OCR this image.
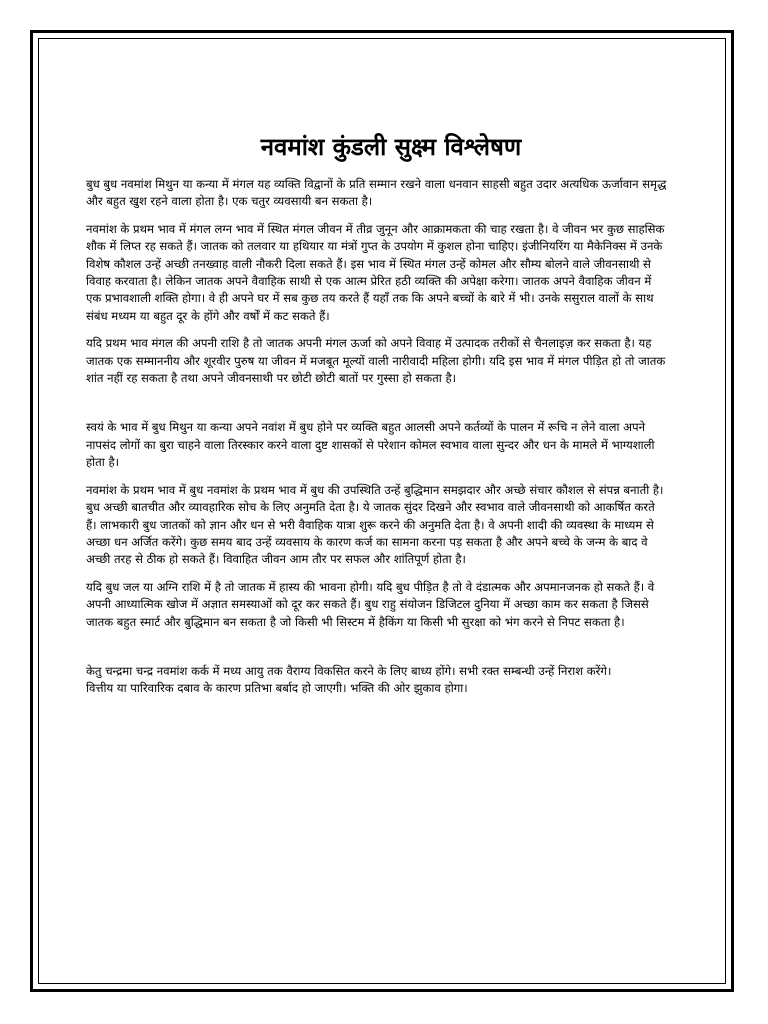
नवमांश कुंडली सुक्ष्म विश्लेषण

बुध बुध नवमांश मिथुन या कन्या में मंगल यह व्यक्ति विद्वानों के प्रति सम्मान रखने वाला धनवान साहसी बहुत उदार अत्यधिक ऊर्जावान समृद्ध और बहुत खुश रहने वाला होता है। एक चतुर व्यवसायी बन सकता है।

नवमांश के प्रथम भाव में मंगल लग्न भाव में स्थित मंगल जीवन में तीव्र जुनून और आक्रामकता की चाह रखता है। वे जीवन भर कुछ साहसिक शौक में लिप्त रह सकते हैं। जातक को तलवार या हथियार या मंत्रों गुप्त के उपयोग में कुशल होना चाहिए। इंजीनियरिंग या मैकेनिक्स में उनके विशेष कौशल उन्हें अच्छी तनख्वाह वाली नौकरी दिला सकते हैं। इस भाव में स्थित मंगल उन्हें कोमल और सौम्य बोलने वाले जीवनसाथी से विवाह करवाता है। लेकिन जातक अपने वैवाहिक साथी से एक आत्म प्रेरित हठी व्यक्ति की अपेक्षा करेगा। जातक अपने वैवाहिक जीवन में एक प्रभावशाली शक्ति होगा। वे ही अपने घर में सब कुछ तय करते हैं यहाँ तक कि अपने बच्चों के बारे में भी। उनके ससुराल वालों के साथ संबंध मध्यम या बहुत दूर के होंगे और वर्षों में कट सकते हैं।

यदि प्रथम भाव मंगल की अपनी राशि है तो जातक अपनी मंगल ऊर्जा को अपने विवाह में उत्पादक तरीकों से चैनलाइज़ कर सकता है। यह जातक एक सम्माननीय और शूरवीर पुरुष या जीवन में मजबूत मूल्यों वाली नारीवादी महिला होगी। यदि इस भाव में मंगल पीड़ित हो तो जातक शांत नहीं रह सकता है तथा अपने जीवनसाथी पर छोटी छोटी बातों पर गुस्सा हो सकता है।

स्वयं के भाव में बुध मिथुन या कन्या अपने नवांश में बुध होने पर व्यक्ति बहुत आलसी अपने कर्तव्यों के पालन में रूचि न लेने वाला अपने नापसंद लोगों का बुरा चाहने वाला तिरस्कार करने वाला दुष्ट शासकों से परेशान कोमल स्वभाव वाला सुन्दर और धन के मामले में भाग्यशाली होता है।

नवमांश के प्रथम भाव में बुध नवमांश के प्रथम भाव में बुध की उपस्थिति उन्हें बुद्धिमान समझदार और अच्छे संचार कौशल से संपन्न बनाती है। बुध अच्छी बातचीत और व्यावहारिक सोच के लिए अनुमति देता है। ये जातक सुंदर दिखने और स्वभाव वाले जीवनसाथी को आकर्षित करते हैं। लाभकारी बुध जातकों को ज्ञान और धन से भरी वैवाहिक यात्रा शुरू करने की अनुमति देता है। वे अपनी शादी की व्यवस्था के माध्यम से अच्छा धन अर्जित करेंगे। कुछ समय बाद उन्हें व्यवसाय के कारण कर्ज का सामना करना पड़ सकता है और अपने बच्चे के जन्म के बाद वे अच्छी तरह से ठीक हो सकते हैं। विवाहित जीवन आम तौर पर सफल और शांतिपूर्ण होता है।

यदि बुध जल या अग्नि राशि में है तो जातक में हास्य की भावना होगी। यदि बुध पीड़ित है तो वे दंडात्मक और अपमानजनक हो सकते हैं। वे अपनी आध्यात्मिक खोज में अज्ञात समस्याओं को दूर कर सकते हैं। बुध राहु संयोजन डिजिटल दुनिया में अच्छा काम कर सकता है जिससे जातक बहुत स्मार्ट और बुद्धिमान बन सकता है जो किसी भी सिस्टम में हैकिंग या किसी भी सुरक्षा को भंग करने से निपट सकता है।

केतु चन्द्रमा चन्द्र नवमांश कर्क में मध्य आयु तक वैराग्य विकसित करने के लिए बाध्य होंगे। सभी रक्त सम्बन्धी उन्हें निराश करेंगे।

वित्तीय या पारिवारिक दबाव के कारण प्रतिभा बर्बाद हो जाएगी। भक्ति की ओर झुकाव होगा।
